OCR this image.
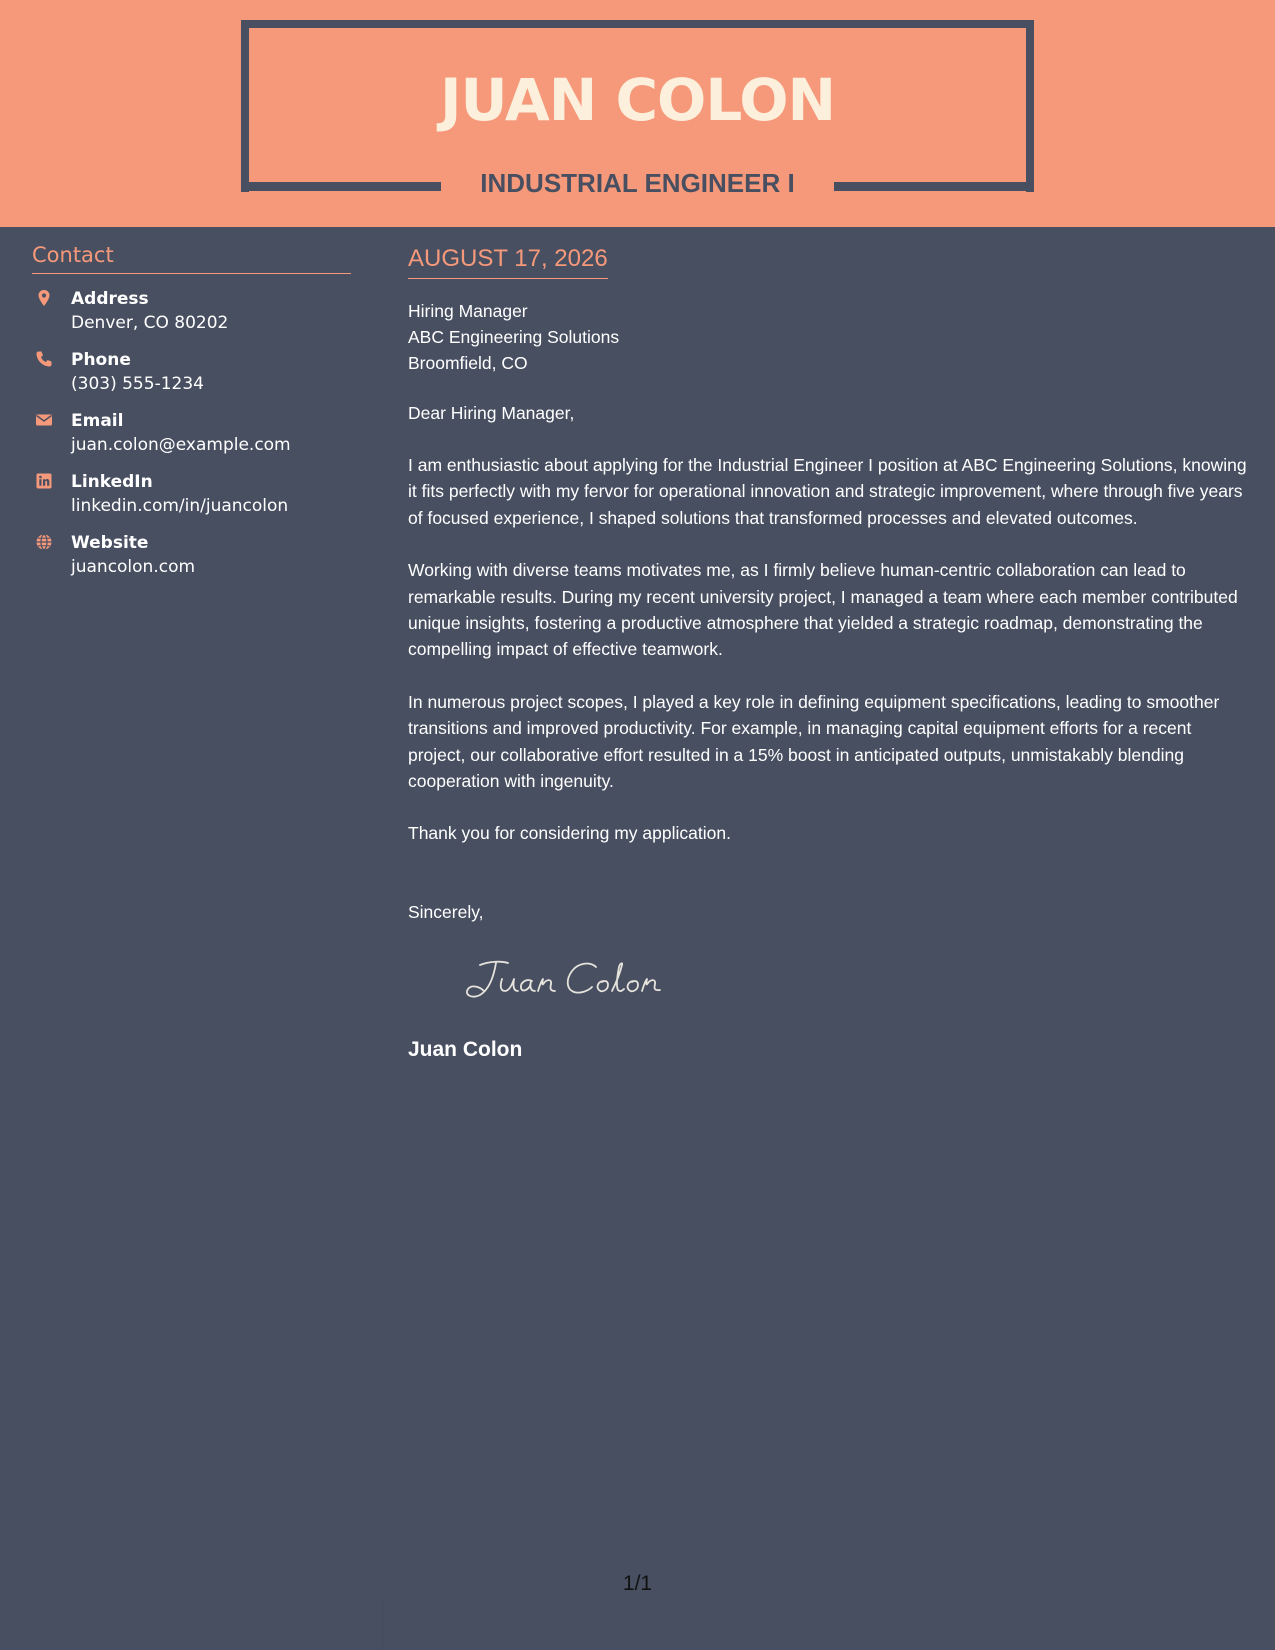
JUAN COLON
INDUSTRIAL ENGINEER I
Contact
Address
Denver, CO 80202
Phone
(303) 555-1234
Email
juan.colon@example.com
LinkedIn
linkedin.com/in/juancolon
Website
juancolon.com
AUGUST 17, 2026
Hiring Manager
ABC Engineering Solutions
Broomfield, CO
Dear Hiring Manager,

I am enthusiastic about applying for the Industrial Engineer I position at ABC Engineering Solutions, knowing it fits perfectly with my fervor for operational innovation and strategic improvement, where through five years of focused experience, I shaped solutions that transformed processes and elevated outcomes.

Working with diverse teams motivates me, as I firmly believe human-centric collaboration can lead to remarkable results. During my recent university project, I managed a team where each member contributed unique insights, fostering a productive atmosphere that yielded a strategic roadmap, demonstrating the compelling impact of effective teamwork.

In numerous project scopes, I played a key role in defining equipment specifications, leading to smoother transitions and improved productivity. For example, in managing capital equipment efforts for a recent project, our collaborative effort resulted in a 15% boost in anticipated outputs, unmistakably blending cooperation with ingenuity.

Thank you for considering my application.

Sincerely,
Juan Colon
1/1
